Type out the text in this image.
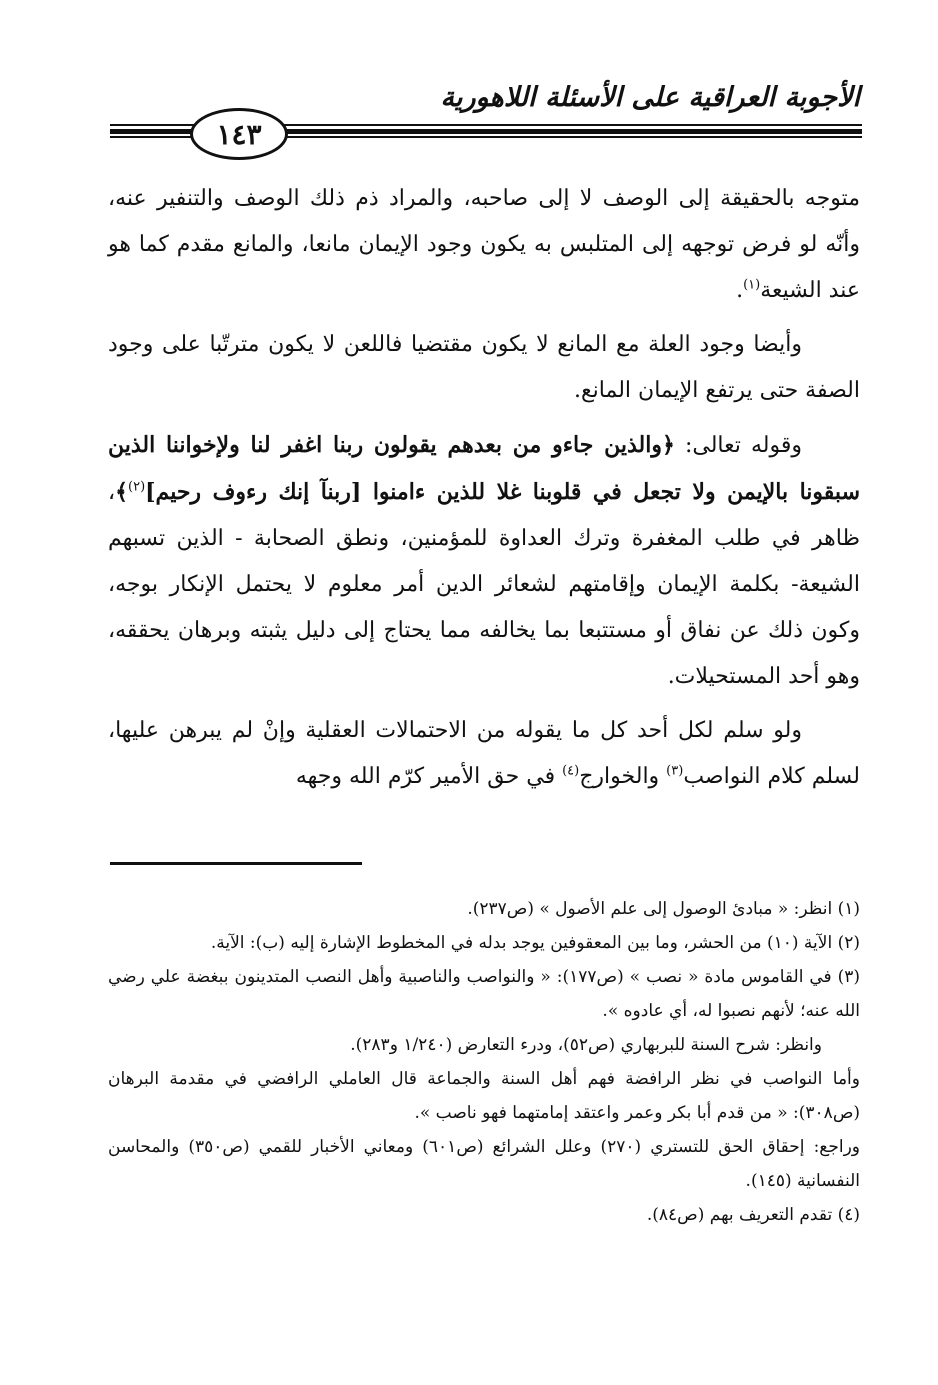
الأجوبة العراقية على الأسئلة اللاهورية
١٤٣

متوجه بالحقيقة إلى الوصف لا إلى صاحبه، والمراد ذم ذلك الوصف والتنفير عنه، وأنّه لو فرض توجهه إلى المتلبس به يكون وجود الإيمان مانعا، والمانع مقدم كما هو عند الشيعة$^{(١)}$.

وأيضا وجود العلة مع المانع لا يكون مقتضيا فاللعن لا يكون مترتّبا على وجود الصفة حتى يرتفع الإيمان المانع.

وقوله تعالى: ﴿والذين جاءو من بعدهم يقولون ربنا اغفر لنا ولإخواننا الذين سبقونا بالإيمن ولا تجعل في قلوبنا غلا للذين ءامنوا [ربنآ إنك رءوف رحيم]$^{(٢)}$﴾، ظاهر في طلب المغفرة وترك العداوة للمؤمنين، ونطق الصحابة - الذين تسبهم الشيعة- بكلمة الإيمان وإقامتهم لشعائر الدين أمر معلوم لا يحتمل الإنكار بوجه، وكون ذلك عن نفاق أو مستتبعا بما يخالفه مما يحتاج إلى دليل يثبته وبرهان يحققه، وهو أحد المستحيلات.

ولو سلم لكل أحد كل ما يقوله من الاحتمالات العقلية وإنْ لم يبرهن عليها، لسلم كلام النواصب$^{(٣)}$ والخوارج$^{(٤)}$ في حق الأمير كرّم الله وجهه

(١) انظر: « مبادئ الوصول إلى علم الأصول » (ص٢٣٧).

(٢) الآية (١٠) من الحشر، وما بين المعقوفين يوجد بدله في المخطوط الإشارة إليه (ب): الآية.

(٣) في القاموس مادة « نصب » (ص١٧٧): « والنواصب والناصبية وأهل النصب المتدينون ببغضة علي رضي الله عنه؛ لأنهم نصبوا له، أي عادوه ».

وانظر: شرح السنة للبربهاري (ص٥٢)، ودرء التعارض (١/٢٤٠ و٢٨٣).

وأما النواصب في نظر الرافضة فهم أهل السنة والجماعة قال العاملي الرافضي في مقدمة البرهان (ص٣٠٨): « من قدم أبا بكر وعمر واعتقد إمامتهما فهو ناصب ».

وراجع: إحقاق الحق للتستري (٢٧٠) وعلل الشرائع (ص٦٠١) ومعاني الأخبار للقمي (ص٣٥٠) والمحاسن النفسانية (١٤٥).

(٤) تقدم التعريف بهم (ص٨٤).
